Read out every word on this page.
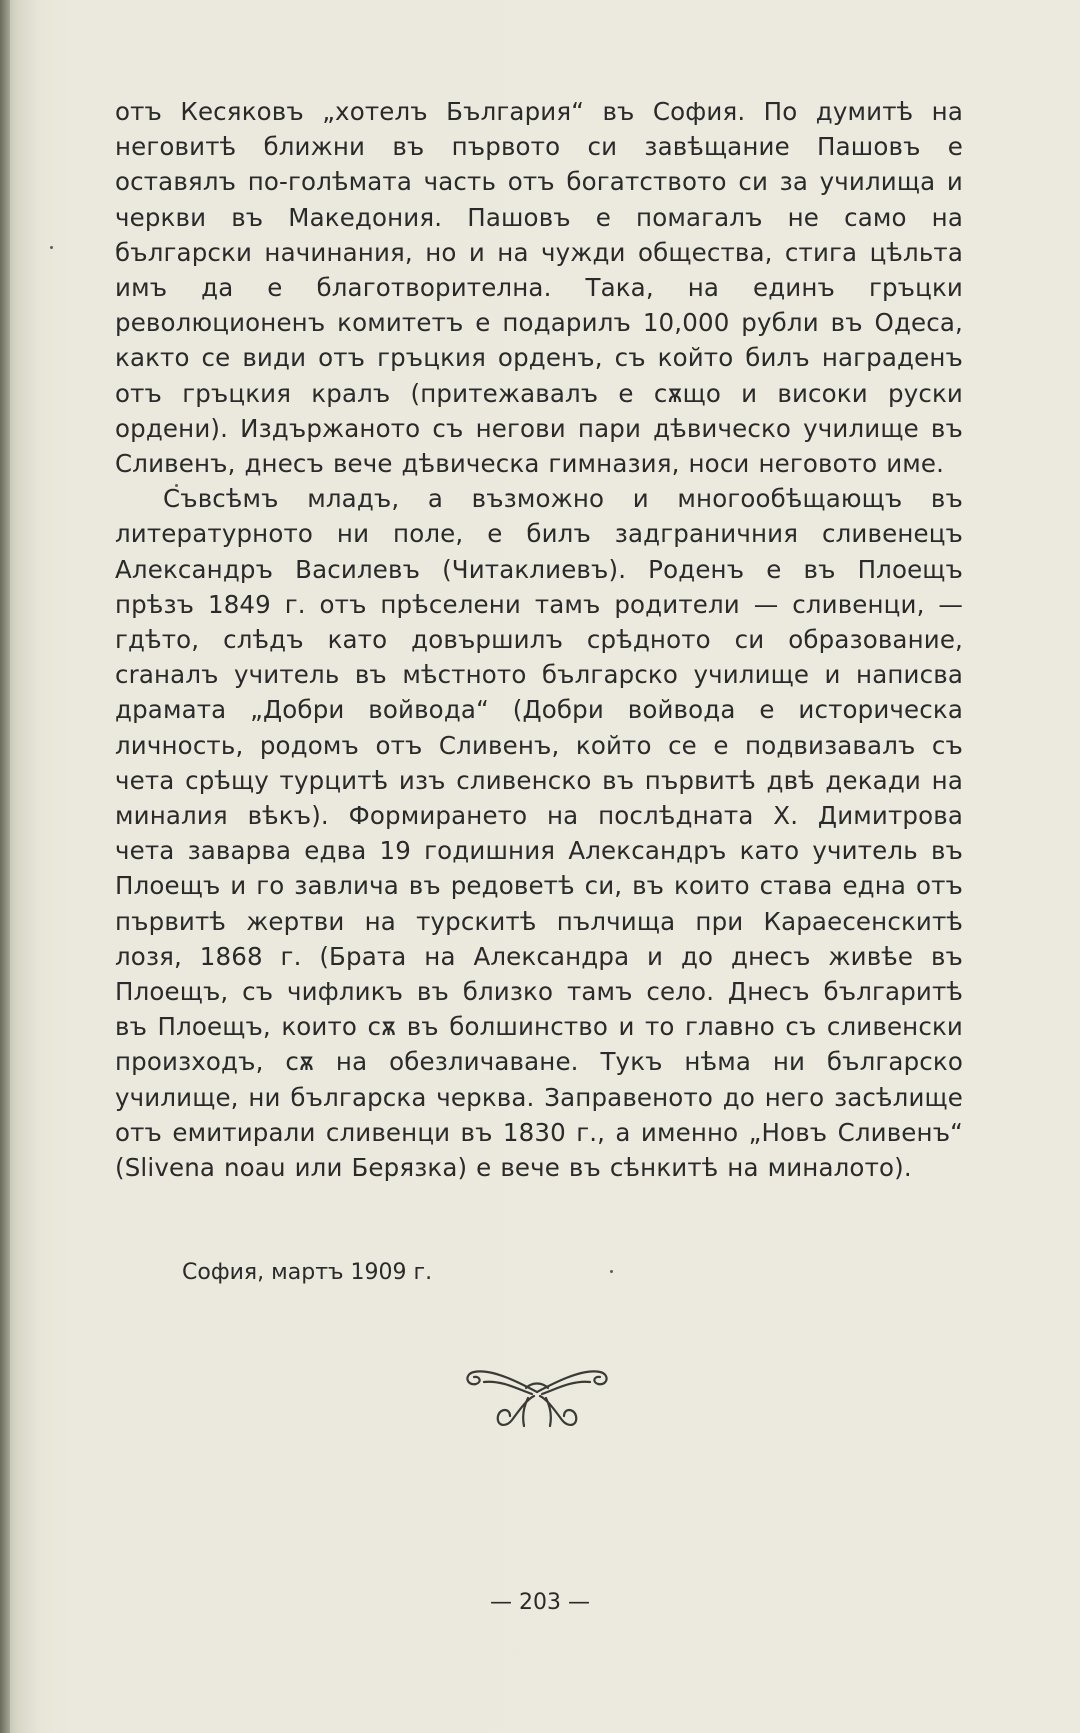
отъ Кесяковъ „хотелъ България“ въ София. По думитѣ на неговитѣ ближни въ първото си завѣщание Пашовъ е оставялъ по-голѣмата часть отъ богатството си за училища и черкви въ Македония. Пашовъ е помагалъ не само на български начинания, но и на чужди общества, стига цѣльта имъ да е благотворителна. Така, на единъ гръцки революционенъ комитетъ е подарилъ 10,000 рубли въ Одеса, както се види отъ гръцкия орденъ, съ който билъ награденъ отъ гръцкия кралъ (притежавалъ е сѫщо и високи руски ордени). Издържаното съ негови пари дѣвическо училище въ Сливенъ, днесъ вече дѣвическа гимназия, носи неговото име.

Съвсѣмъ младъ, а възможно и многообѣщающъ въ литературното ни поле, е билъ задграничния сливенецъ Александръ Василевъ (Читаклиевъ). Роденъ е въ Плоещъ прѣзъ 1849 г. отъ прѣселени тамъ родители — сливенци, — гдѣто, слѣдъ като довършилъ срѣдното си образование, craналъ учитель въ мѣстното българско училище и написва драмата „Добри войвода“ (Добри войвода е историческа личность, родомъ отъ Сливенъ, който се е подвизавалъ съ чета срѣщу турцитѣ изъ сливенско въ първитѣ двѣ декади на миналия вѣкъ). Формирането на послѣдната Х. Димитрова чета заварва едва 19 годишния Александръ като учитель въ Плоещъ и го завлича въ редоветѣ си, въ които става една отъ първитѣ жертви на турскитѣ пълчища при Караесенскитѣ лозя, 1868 г. (Брата на Александра и до днесъ живѣе въ Плоещъ, съ чифликъ въ близко тамъ село. Днесъ българитѣ въ Плоещъ, които сѫ въ болшинство и то главно съ сливенски произходъ, сѫ на обезличаване. Тукъ нѣма ни българско училище, ни българска черква. Заправеното до него засѣлище отъ емитирали сливенци въ 1830 г., а именно „Новъ Сливенъ“ (Slivena noau или Берязка) е вече въ сѣнкитѣ на миналото).

София, мартъ 1909 г.
— 203 —
